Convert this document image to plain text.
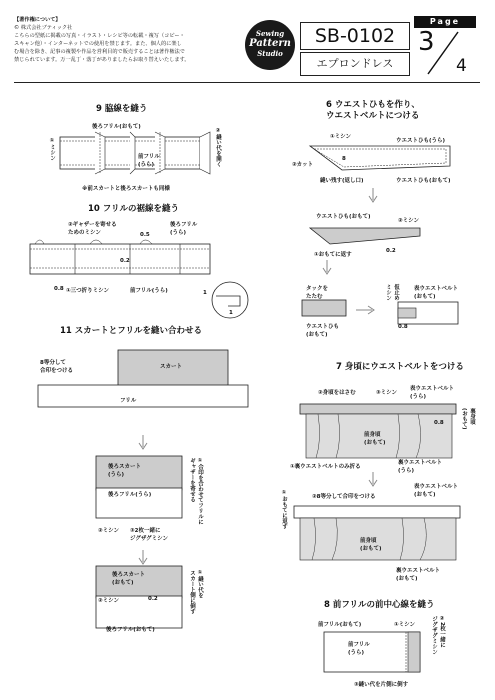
【著作権について】
© 株式会社ブティック社
こちらの型紙に掲載の写真・イラスト・レシピ等の転載・複写（コピー・
スキャン他）・インターネットでの使用を禁じます。また、個人的に楽し
む場合を除き、記事の複製や作品を営利目的で販売することは著作権法で
禁じられています。万一乱丁・落丁がありましたらお取り替えいたします。
Sewing
Pattern
Studio
SB-0102
エプロンドレス
Page
3
4
9 脇線を縫う
後ろフリル(おもて)
①ミシン	前フリル
(うら)	②縫い代を開く
※前スカートと後ろスカートも同様
10 フリルの裾線を縫う
②ギャザーを寄せる
ためのミシン
後ろフリル
(うら)
0.5
0.2
0.8 ①三つ折りミシン	前フリル(うら)	1
1
11 スカートとフリルを縫い合わせる
8等分して
合印をつける
スカート
フリル
後ろスカート
(うら)
後ろフリル(うら)	①合印を合わせてフリルに
ギャザーを寄せる
②ミシン ③2枚一緒に
ジグザグミシン
後ろスカート
(おもて)
②ミシン	0.2
①縫い代を
スカート側に倒す
後ろフリル(おもて)
6 ウエストひもを作り、
ウエストベルトにつける
①ミシン
ウエストひも(うら)
②カット
8
縫い残す(返し口)	ウエストひも(おもて)
ウエストひも(おもて)
②ミシン
①おもてに返す
0.2
タックを
たたむ
ウエストひも
(おもて)
仮止め
ミシン	表ウエストベルト
(おもて)
0.8
7 身頃にウエストベルトをつける
②身頃をはさむ	③ミシン
表ウエストベルト
(うら)
0.8	裏身頃
(おもて)
前身頃
(おもて)
①裏ウエストベルトのみ折る
裏ウエストベルト
(うら)
①おもてに返す	②8等分して合印をつける
表ウエストベルト
(おもて)
前身頃
(おもて)
裏ウエストベルト
(おもて)
8 前フリルの前中心線を縫う
前フリル(おもて)	①ミシン	②2枚一緒に
ジグザグミシン
前フリル
(うら)
③縫い代を片側に倒す
